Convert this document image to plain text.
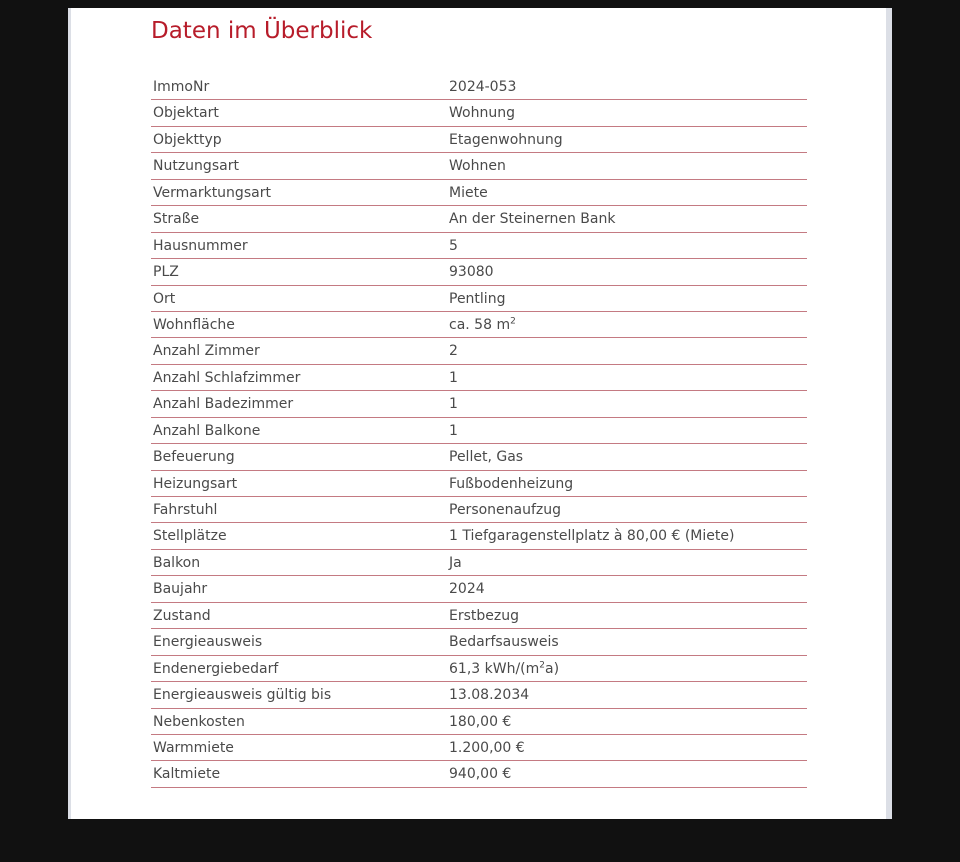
Daten im Überblick
ImmoNr	2024-053
Objektart	Wohnung
Objekttyp	Etagenwohnung
Nutzungsart	Wohnen
Vermarktungsart	Miete
Straße	An der Steinernen Bank
Hausnummer	5
PLZ	93080
Ort	Pentling
Wohnfläche	ca. 58 $m^2$
Anzahl Zimmer	2
Anzahl Schlafzimmer	1
Anzahl Badezimmer	1
Anzahl Balkone	1
Befeuerung	Pellet, Gas
Heizungsart	Fußbodenheizung
Fahrstuhl	Personenaufzug
Stellplätze	1 Tiefgaragenstellplatz à 80,00 € (Miete)
Balkon	Ja
Baujahr	2024
Zustand	Erstbezug
Energieausweis	Bedarfsausweis
Endenergiebedarf	61,3 kWh/$(m^2a)$
Energieausweis gültig bis	13.08.2034
Nebenkosten	180,00 €
Warmmiete	1.200,00 €
Kaltmiete	940,00 €
